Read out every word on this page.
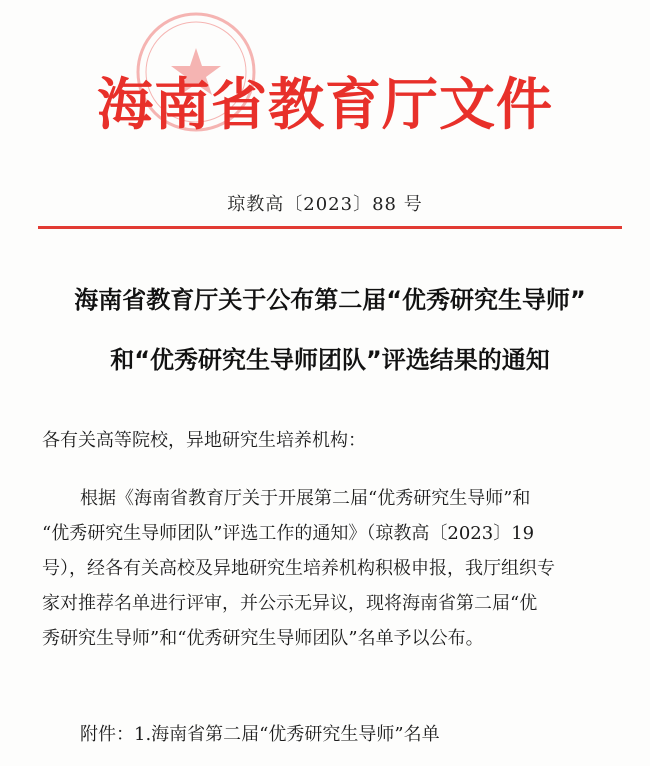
海南省教育厅文件
琼教高〔2023〕88 号
海南省教育厅关于公布第二届“优秀研究生导师”
和“优秀研究生导师团队”评选结果的通知
各有关高等院校，异地研究生培养机构：
根据《海南省教育厅关于开展第二届“优秀研究生导师”和
“优秀研究生导师团队”评选工作的通知》（琼教高〔2023〕19
号），经各有关高校及异地研究生培养机构积极申报，我厅组织专
家对推荐名单进行评审，并公示无异议，现将海南省第二届“优
秀研究生导师”和“优秀研究生导师团队”名单予以公布。
附件：1.海南省第二届“优秀研究生导师”名单
